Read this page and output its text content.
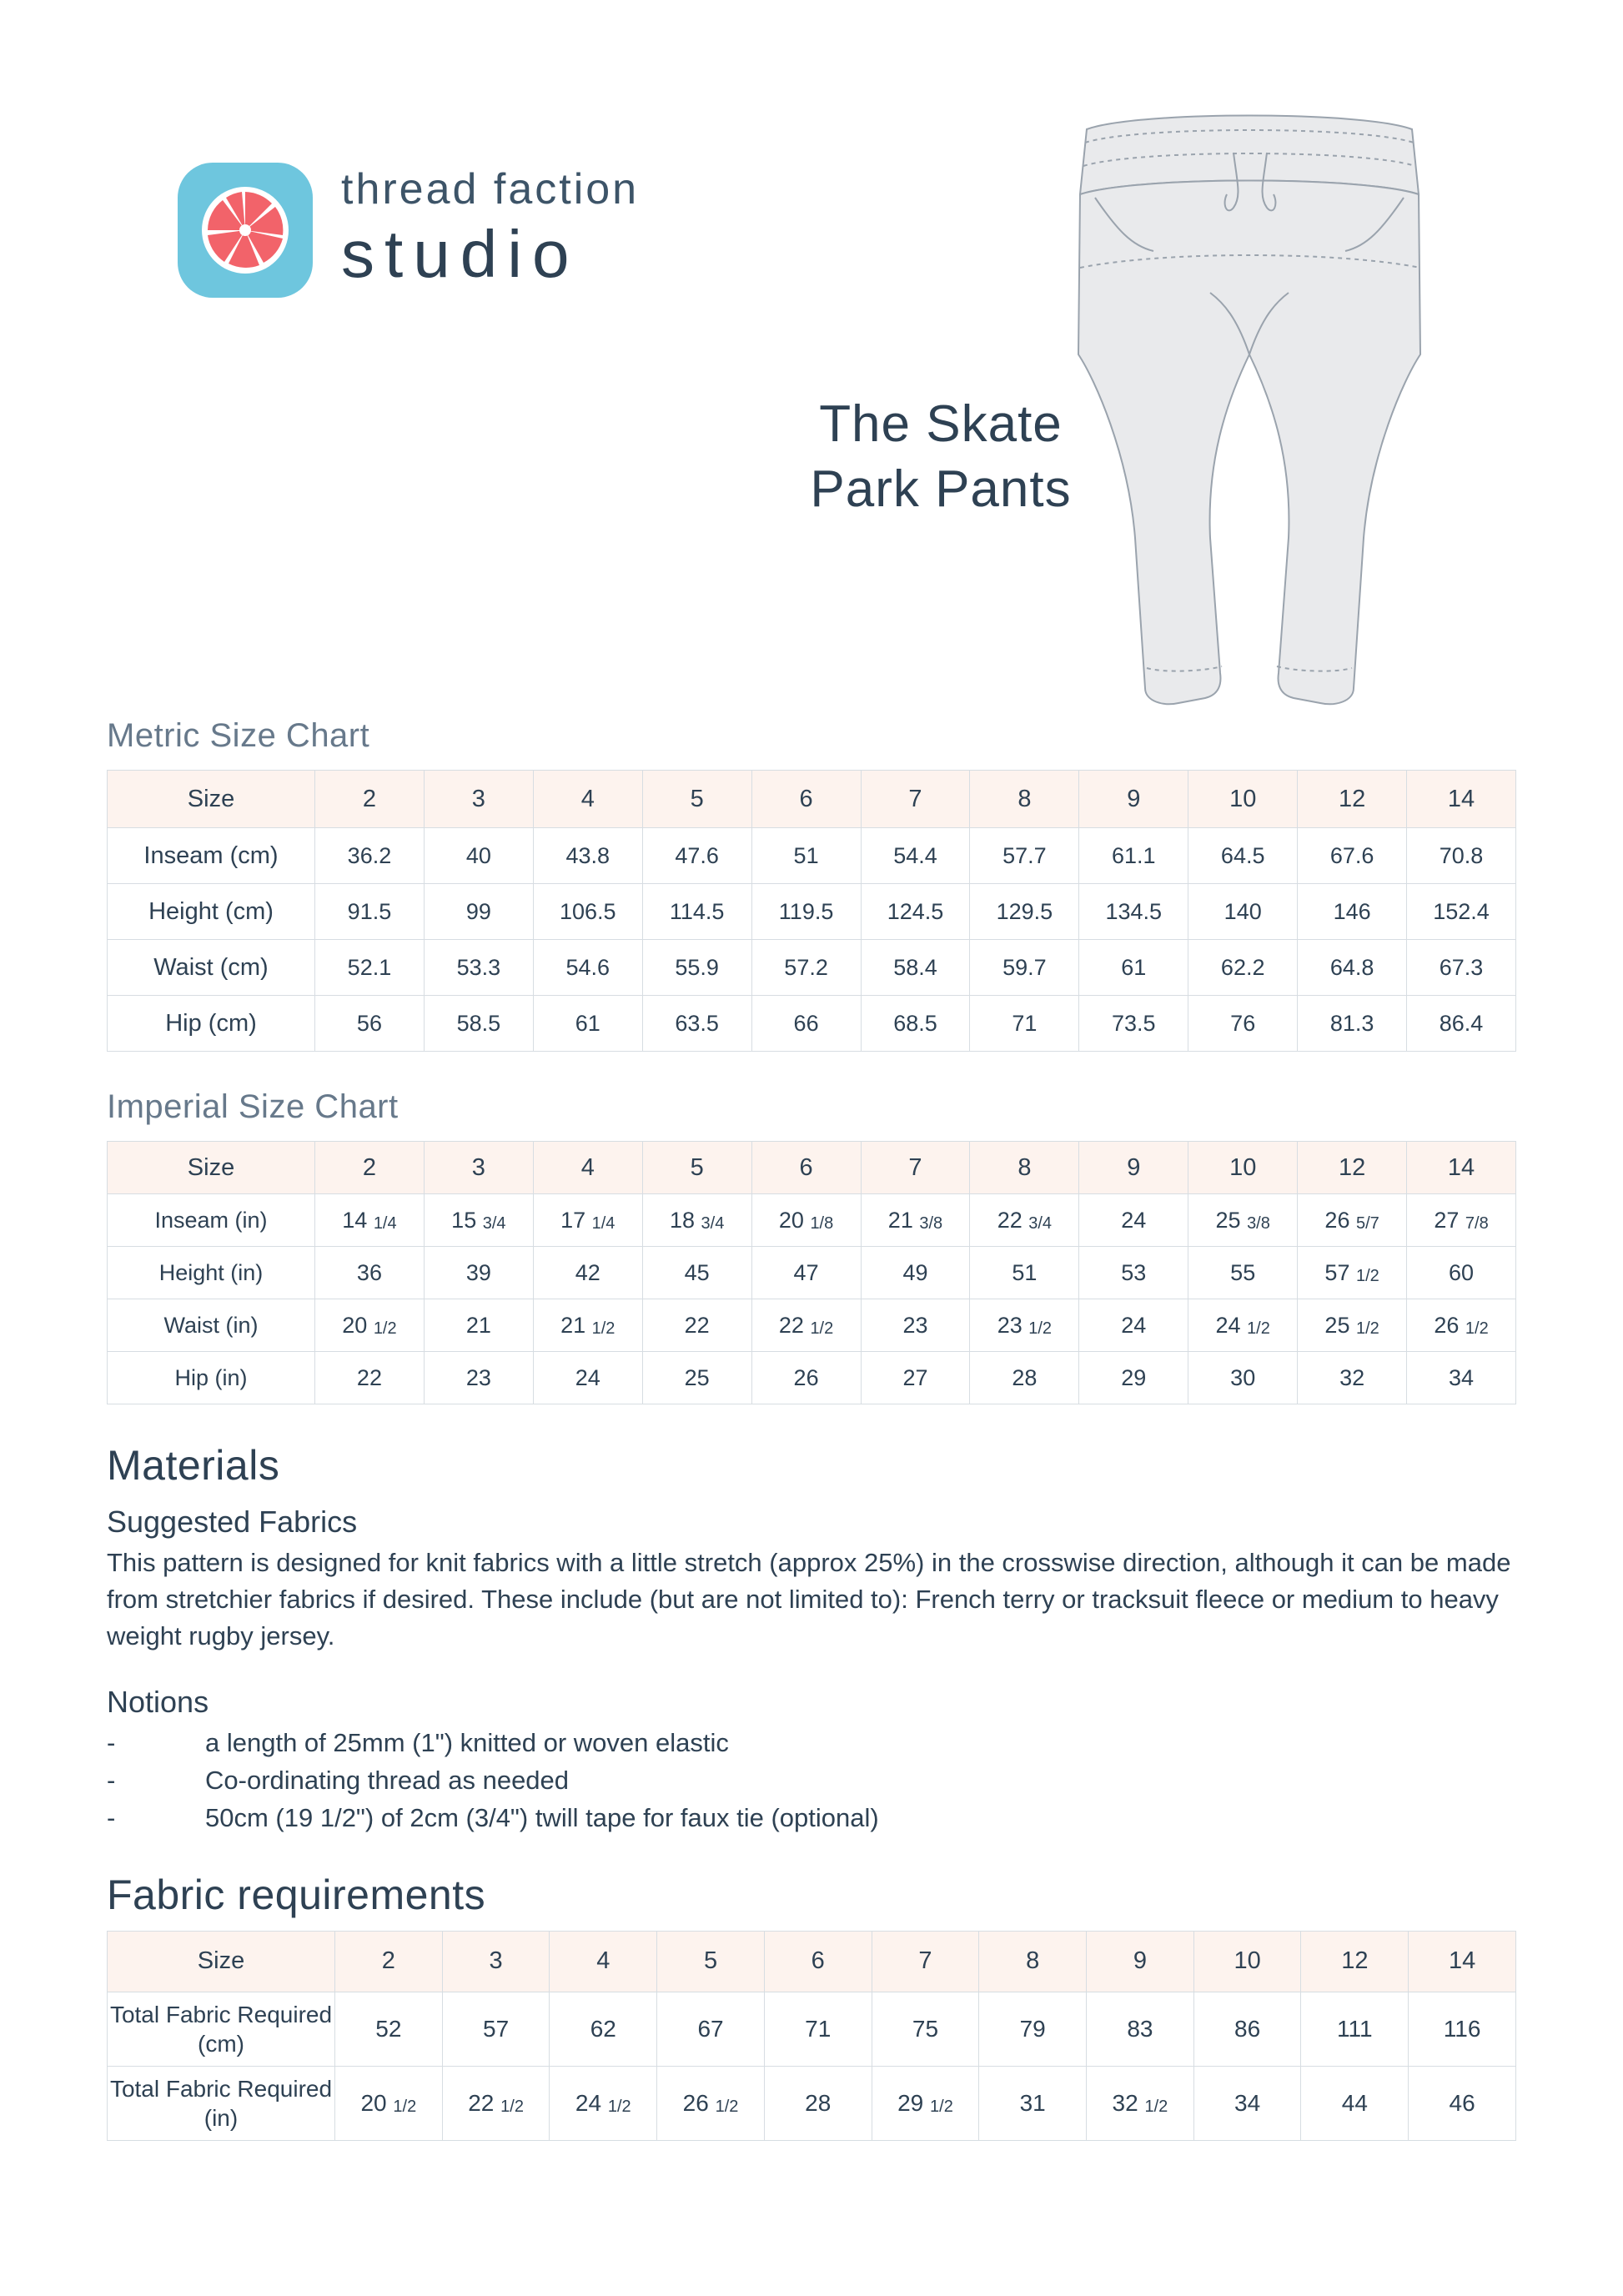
thread faction
studio
The Skate
Park Pants
Metric Size Chart
Size	2	3	4	5	6	7	8	9	10	12	14
Inseam (cm)	36.2	40	43.8	47.6	51	54.4	57.7	61.1	64.5	67.6	70.8
Height (cm)	91.5	99	106.5	114.5	119.5	124.5	129.5	134.5	140	146	152.4
Waist (cm)	52.1	53.3	54.6	55.9	57.2	58.4	59.7	61	62.2	64.8	67.3
Hip (cm)	56	58.5	61	63.5	66	68.5	71	73.5	76	81.3	86.4
Imperial Size Chart
Size	2	3	4	5	6	7	8	9	10	12	14
Inseam (in)	14 1/4	15 3/4	17 1/4	18 3/4	20 1/8	21 3/8	22 3/4	24	25 3/8	26 5/7	27 7/8
Height (in)	36	39	42	45	47	49	51	53	55	57 1/2	60
Waist (in)	20 1/2	21	21 1/2	22	22 1/2	23	23 1/2	24	24 1/2	25 1/2	26 1/2
Hip (in)	22	23	24	25	26	27	28	29	30	32	34
Materials
Suggested Fabrics

This pattern is designed for knit fabrics with a little stretch (approx 25%) in the crosswise direction, although it can be made from stretchier fabrics if desired. These include (but are not limited to): French terry or tracksuit fleece or medium to heavy weight rugby jersey.

Notions
-	a length of 25mm (1") knitted or woven elastic
-	Co-ordinating thread as needed
-	50cm (19 1/2") of 2cm (3/4") twill tape for faux tie (optional)
Fabric requirements
Size	2	3	4	5	6	7	8	9	10	12	14
Total Fabric Required (cm)	52	57	62	67	71	75	79	83	86	111	116
Total Fabric Required (in)	20 1/2	22 1/2	24 1/2	26 1/2	28	29 1/2	31	32 1/2	34	44	46
